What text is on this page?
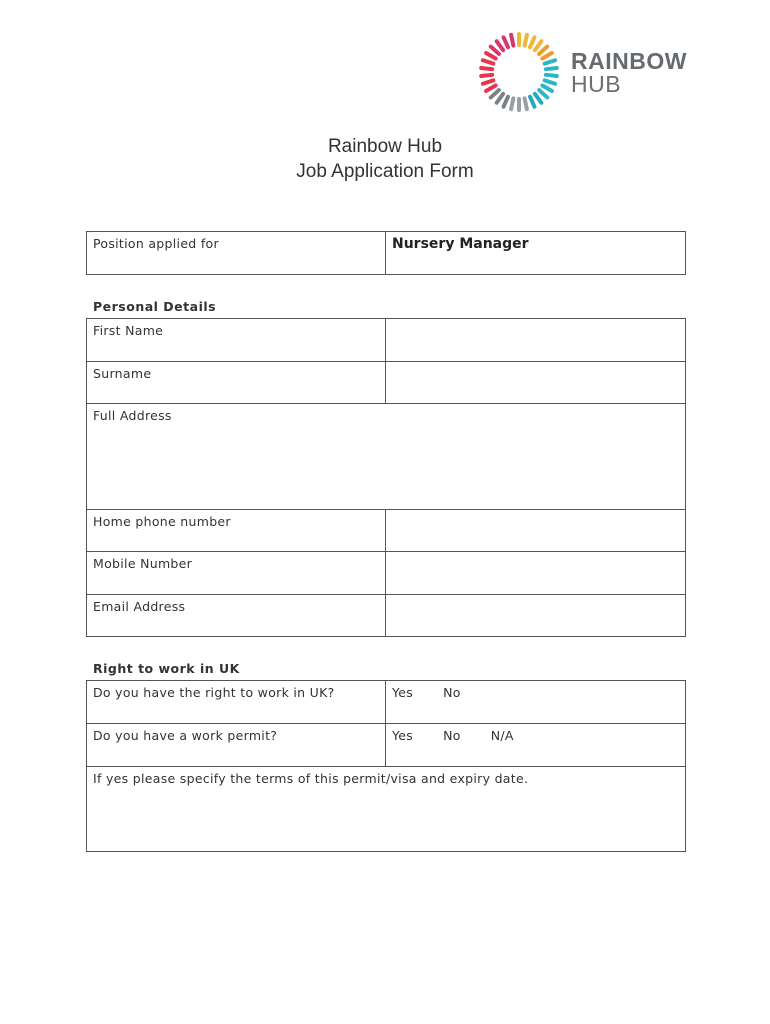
RAINBOW
HUB
Rainbow Hub
Job Application Form
Position applied for	Nursery Manager
Personal Details
First Name	
Surname	
Full Address	
Home phone number	
Mobile Number	
Email Address	
Right to work in UK
Do you have the right to work in UK?	Yes No
Do you have a work permit?	Yes No N/A
If yes please specify the terms of this permit/visa and expiry date.	
